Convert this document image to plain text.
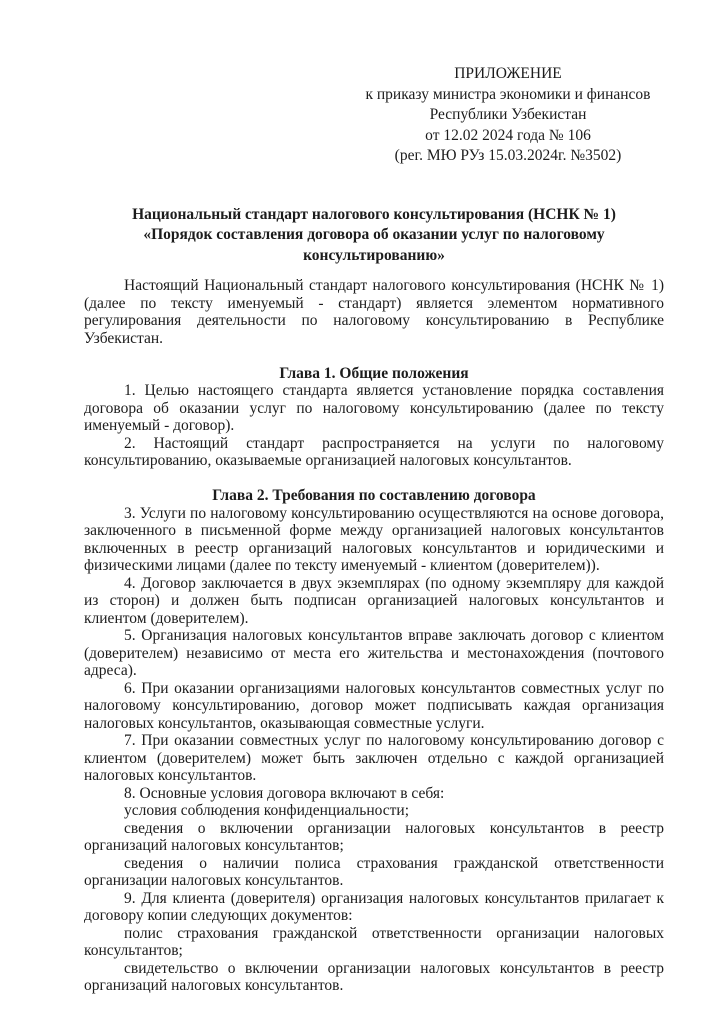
ПРИЛОЖЕНИЕ
к приказу министра экономики и финансов
Республики Узбекистан
от 12.02 2024 года № 106
(рег. МЮ РУз 15.03.2024г. №3502)
Национальный стандарт налогового консультирования (НСНК № 1)
«Порядок составления договора об оказании услуг по налоговому консультированию»

Настоящий Национальный стандарт налогового консультирования (НСНК № 1) (далее по тексту именуемый - стандарт) является элементом нормативного регулирования деятельности по налоговому консультированию в Республике Узбекистан.

Глава 1. Общие положения

1. Целью настоящего стандарта является установление порядка составления договора об оказании услуг по налоговому консультированию (далее по тексту именуемый - договор).

2. Настоящий стандарт распространяется на услуги по налоговому консультированию, оказываемые организацией налоговых консультантов.

Глава 2. Требования по составлению договора

3. Услуги по налоговому консультированию осуществляются на основе договора, заключенного в письменной форме между организацией налоговых консультантов включенных в реестр организаций налоговых консультантов и юридическими и физическими лицами (далее по тексту именуемый - клиентом (доверителем)).

4. Договор заключается в двух экземплярах (по одному экземпляру для каждой из сторон) и должен быть подписан организацией налоговых консультантов и клиентом (доверителем).

5. Организация налоговых консультантов вправе заключать договор с клиентом (доверителем) независимо от места его жительства и местонахождения (почтового адреса).

6. При оказании организациями налоговых консультантов совместных услуг по налоговому консультированию, договор может подписывать каждая организация налоговых консультантов, оказывающая совместные услуги.

7. При оказании совместных услуг по налоговому консультированию договор с клиентом (доверителем) может быть заключен отдельно с каждой организацией налоговых консультантов.

8. Основные условия договора включают в себя:

условия соблюдения конфиденциальности;

сведения о включении организации налоговых консультантов в реестр организаций налоговых консультантов;

сведения о наличии полиса страхования гражданской ответственности организации налоговых консультантов.

9. Для клиента (доверителя) организация налоговых консультантов прилагает к договору копии следующих документов:

полис страхования гражданской ответственности организации налоговых консультантов;

свидетельство о включении организации налоговых консультантов в реестр организаций налоговых консультантов.
